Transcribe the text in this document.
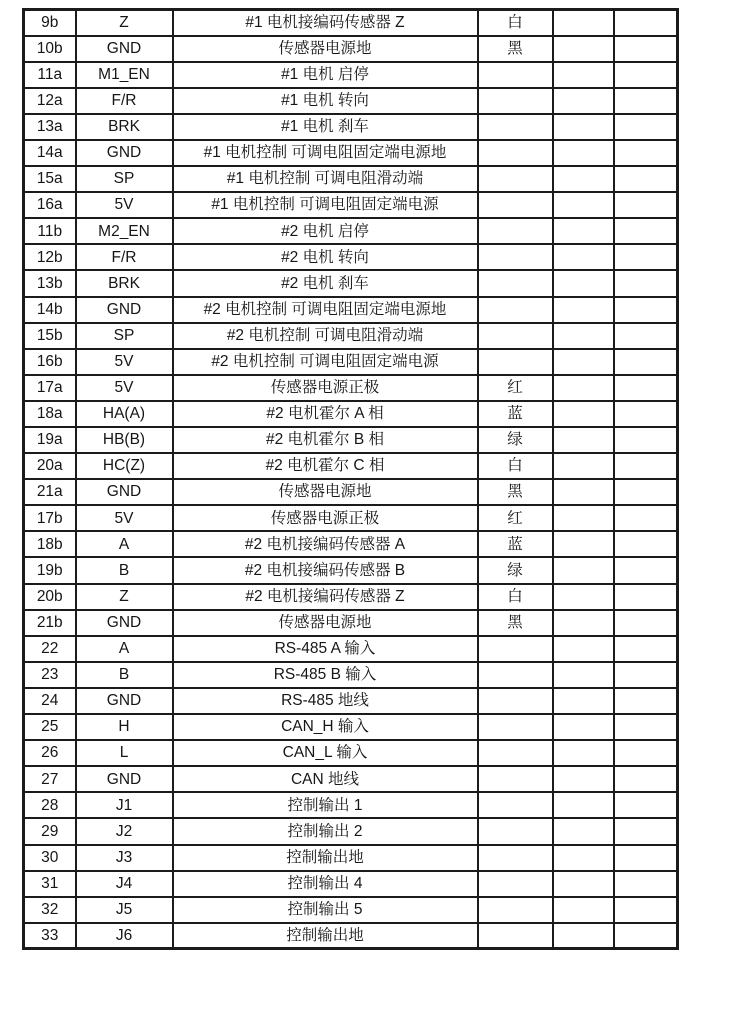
9b	Z	#1 电机接编码传感器 Z	白		
10b	GND	传感器电源地	黑		
11a	M1_EN	#1 电机 启停			
12a	F/R	#1 电机 转向			
13a	BRK	#1 电机 刹车			
14a	GND	#1 电机控制 可调电阻固定端电源地			
15a	SP	#1 电机控制 可调电阻滑动端			
16a	5V	#1 电机控制 可调电阻固定端电源			
11b	M2_EN	#2 电机 启停			
12b	F/R	#2 电机 转向			
13b	BRK	#2 电机 刹车			
14b	GND	#2 电机控制 可调电阻固定端电源地			
15b	SP	#2 电机控制 可调电阻滑动端			
16b	5V	#2 电机控制 可调电阻固定端电源			
17a	5V	传感器电源正极	红		
18a	HA(A)	#2 电机霍尔 A 相	蓝		
19a	HB(B)	#2 电机霍尔 B 相	绿		
20a	HC(Z)	#2 电机霍尔 C 相	白		
21a	GND	传感器电源地	黑		
17b	5V	传感器电源正极	红		
18b	A	#2 电机接编码传感器 A	蓝		
19b	B	#2 电机接编码传感器 B	绿		
20b	Z	#2 电机接编码传感器 Z	白		
21b	GND	传感器电源地	黑		
22	A	RS-485 A 输入			
23	B	RS-485 B 输入			
24	GND	RS-485 地线			
25	H	CAN_H 输入			
26	L	CAN_L 输入			
27	GND	CAN 地线			
28	J1	控制输出 1			
29	J2	控制输出 2			
30	J3	控制输出地			
31	J4	控制输出 4			
32	J5	控制输出 5			
33	J6	控制输出地			
